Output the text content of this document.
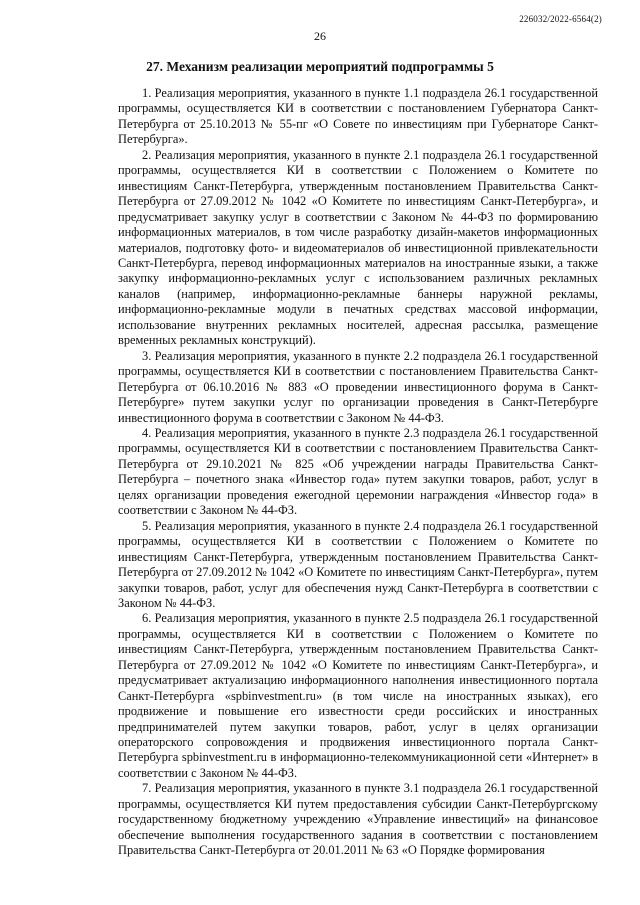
226032/2022-6564(2)
26
27. Механизм реализации мероприятий подпрограммы 5

1. Реализация мероприятия, указанного в пункте 1.1 подраздела 26.1 государственной программы, осуществляется КИ в соответствии с постановлением Губернатора Санкт-Петербурга от 25.10.2013 № 55-пг «О Совете по инвестициям при Губернаторе Санкт-Петербурга».

2. Реализация мероприятия, указанного в пункте 2.1 подраздела 26.1 государственной программы, осуществляется КИ в соответствии с Положением о Комитете по инвестициям Санкт-Петербурга, утвержденным постановлением Правительства Санкт-Петербурга от 27.09.2012 № 1042 «О Комитете по инвестициям Санкт-Петербурга», и предусматривает закупку услуг в соответствии с Законом № 44-ФЗ по формированию информационных материалов, в том числе разработку дизайн-макетов информационных материалов, подготовку фото- и видеоматериалов об инвестиционной привлекательности Санкт-Петербурга, перевод информационных материалов на иностранные языки, а также закупку информационно-рекламных услуг с использованием различных рекламных каналов (например, информационно-рекламные баннеры наружной рекламы, информационно-рекламные модули в печатных средствах массовой информации, использование внутренних рекламных носителей, адресная рассылка, размещение временных рекламных конструкций).

3. Реализация мероприятия, указанного в пункте 2.2 подраздела 26.1 государственной программы, осуществляется КИ в соответствии с постановлением Правительства Санкт-Петербурга от 06.10.2016 № 883 «О проведении инвестиционного форума в Санкт-Петербурге» путем закупки услуг по организации проведения в Санкт-Петербурге инвестиционного форума в соответствии с Законом № 44-ФЗ.

4. Реализация мероприятия, указанного в пункте 2.3 подраздела 26.1 государственной программы, осуществляется КИ в соответствии с постановлением Правительства Санкт-Петербурга от 29.10.2021 № 825 «Об учреждении награды Правительства Санкт-Петербурга – почетного знака «Инвестор года» путем закупки товаров, работ, услуг в целях организации проведения ежегодной церемонии награждения «Инвестор года» в соответствии с Законом № 44-ФЗ.

5. Реализация мероприятия, указанного в пункте 2.4 подраздела 26.1 государственной программы, осуществляется КИ в соответствии с Положением о Комитете по инвестициям Санкт-Петербурга, утвержденным постановлением Правительства Санкт-Петербурга от 27.09.2012 № 1042 «О Комитете по инвестициям Санкт-Петербурга», путем закупки товаров, работ, услуг для обеспечения нужд Санкт-Петербурга в соответствии с Законом № 44-ФЗ.

6. Реализация мероприятия, указанного в пункте 2.5 подраздела 26.1 государственной программы, осуществляется КИ в соответствии с Положением о Комитете по инвестициям Санкт-Петербурга, утвержденным постановлением Правительства Санкт-Петербурга от 27.09.2012 № 1042 «О Комитете по инвестициям Санкт-Петербурга», и предусматривает актуализацию информационного наполнения инвестиционного портала Санкт-Петербурга «spbinvestment.ru» (в том числе на иностранных языках), его продвижение и повышение его известности среди российских и иностранных предпринимателей путем закупки товаров, работ, услуг в целях организации операторского сопровождения и продвижения инвестиционного портала Санкт-Петербурга spbinvestment.ru в информационно-телекоммуникационной сети «Интернет» в соответствии с Законом № 44-ФЗ.

7. Реализация мероприятия, указанного в пункте 3.1 подраздела 26.1 государственной программы, осуществляется КИ путем предоставления субсидии Санкт-Петербургскому государственному бюджетному учреждению «Управление инвестиций» на финансовое обеспечение выполнения государственного задания в соответствии с постановлением Правительства Санкт-Петербурга от 20.01.2011 № 63 «О Порядке формирования
